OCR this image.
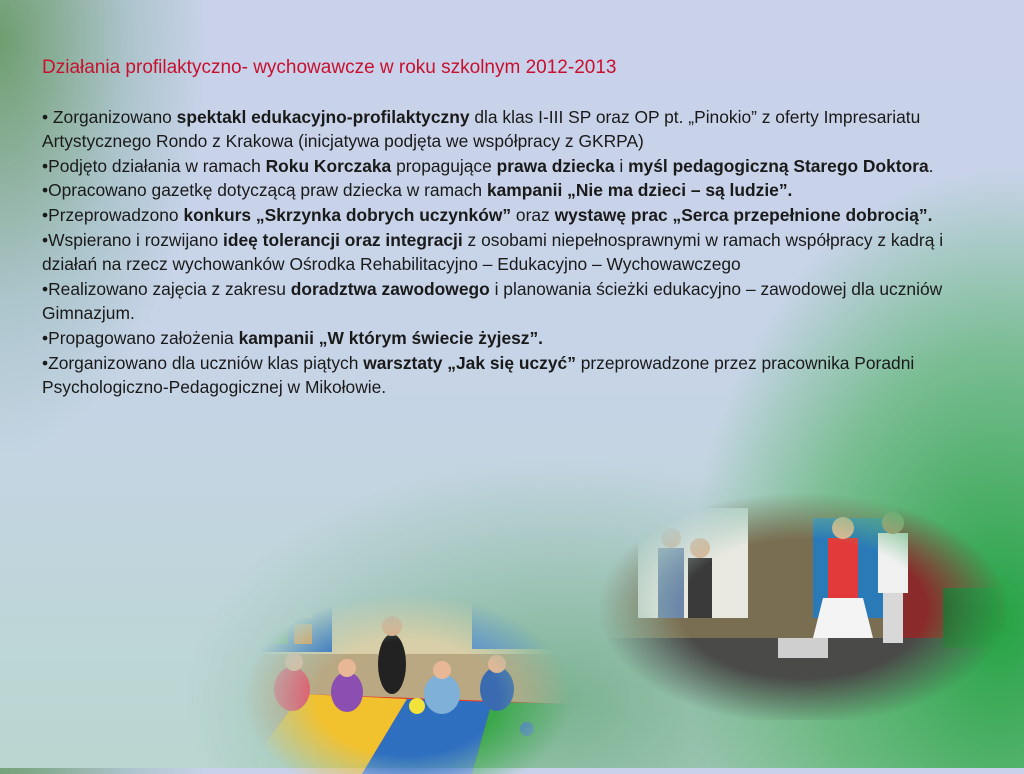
Działania profilaktyczno- wychowawcze w roku szkolnym 2012-2013

• Zorganizowano spektakl edukacyjno-profilaktyczny dla klas I-III SP oraz OP pt. „Pinokio” z oferty Impresariatu Artystycznego Rondo z Krakowa (inicjatywa podjęta we współpracy z GKRPA)

•Podjęto działania w ramach Roku Korczaka propagujące prawa dziecka i myśl pedagogiczną Starego Doktora.

•Opracowano gazetkę dotyczącą praw dziecka w ramach kampanii „Nie ma dzieci – są ludzie”.

•Przeprowadzono konkurs „Skrzynka dobrych uczynków” oraz wystawę prac „Serca przepełnione dobrocią”.

•Wspierano i rozwijano ideę tolerancji oraz integracji z osobami niepełnosprawnymi w ramach współpracy z kadrą i działań na rzecz wychowanków Ośrodka Rehabilitacyjno – Edukacyjno – Wychowawczego

•Realizowano zajęcia z zakresu doradztwa zawodowego i planowania ścieżki edukacyjno – zawodowej dla uczniów Gimnazjum.

•Propagowano założenia kampanii „W którym świecie żyjesz”.

•Zorganizowano dla uczniów klas piątych warsztaty „Jak się uczyć” przeprowadzone przez pracownika Poradni Psychologiczno-Pedagogicznej w Mikołowie.
